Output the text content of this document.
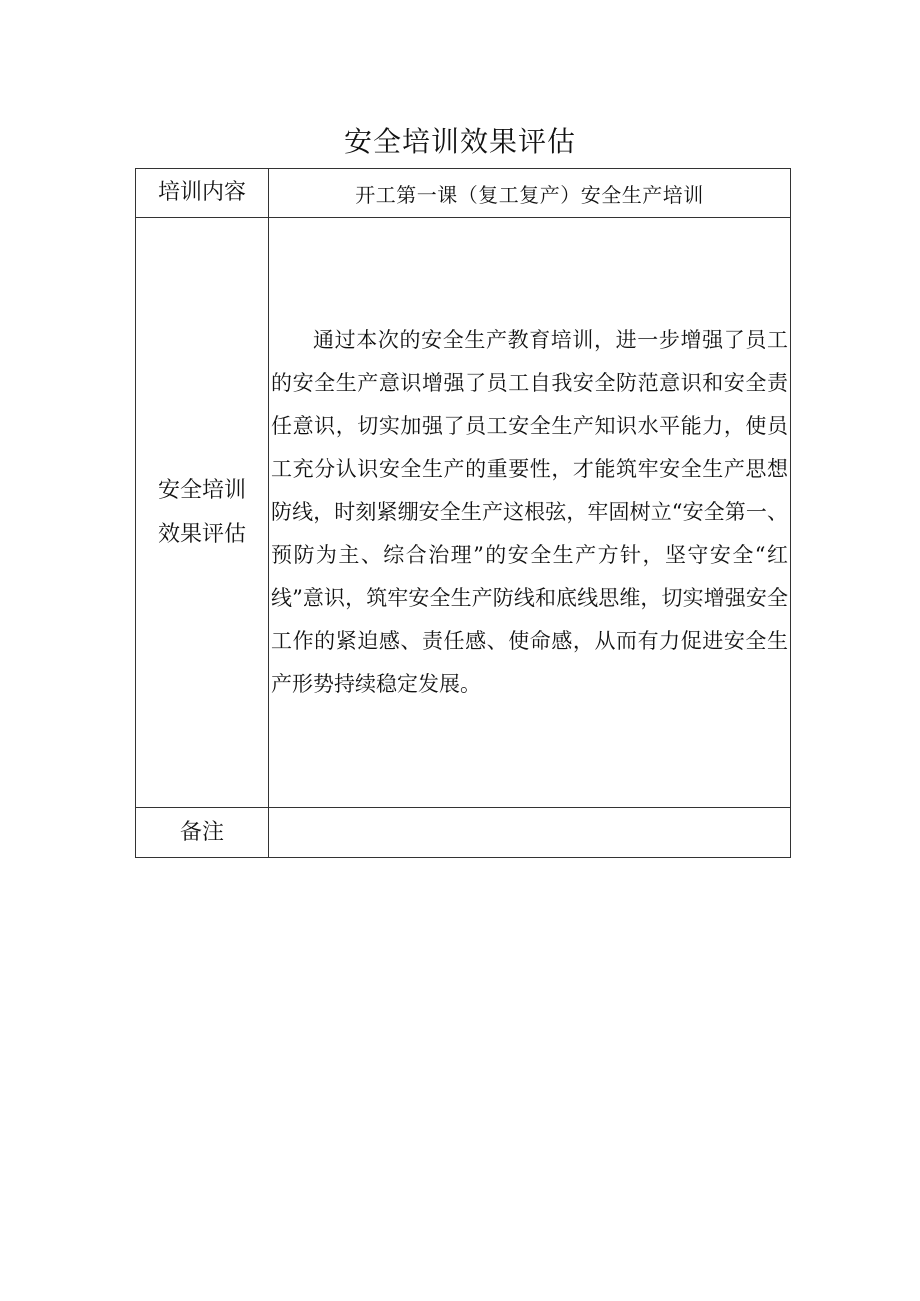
安全培训效果评估
培训内容	开工第一课（复工复产）安全生产培训

安全培训
效果评估	通过本次的安全生产教育培训，进一步增强了员工的安全生产意识增强了员工自我安全防范意识和安全责任意识，切实加强了员工安全生产知识水平能力，使员工充分认识安全生产的重要性，才能筑牢安全生产思想防线，时刻紧绷安全生产这根弦，牢固树立“安全第一、预防为主、综合治理”的安全生产方针，坚守安全“红线”意识，筑牢安全生产防线和底线思维，切实增强安全工作的紧迫感、责任感、使命感，从而有力促进安全生产形势持续稳定发展。

备注	
